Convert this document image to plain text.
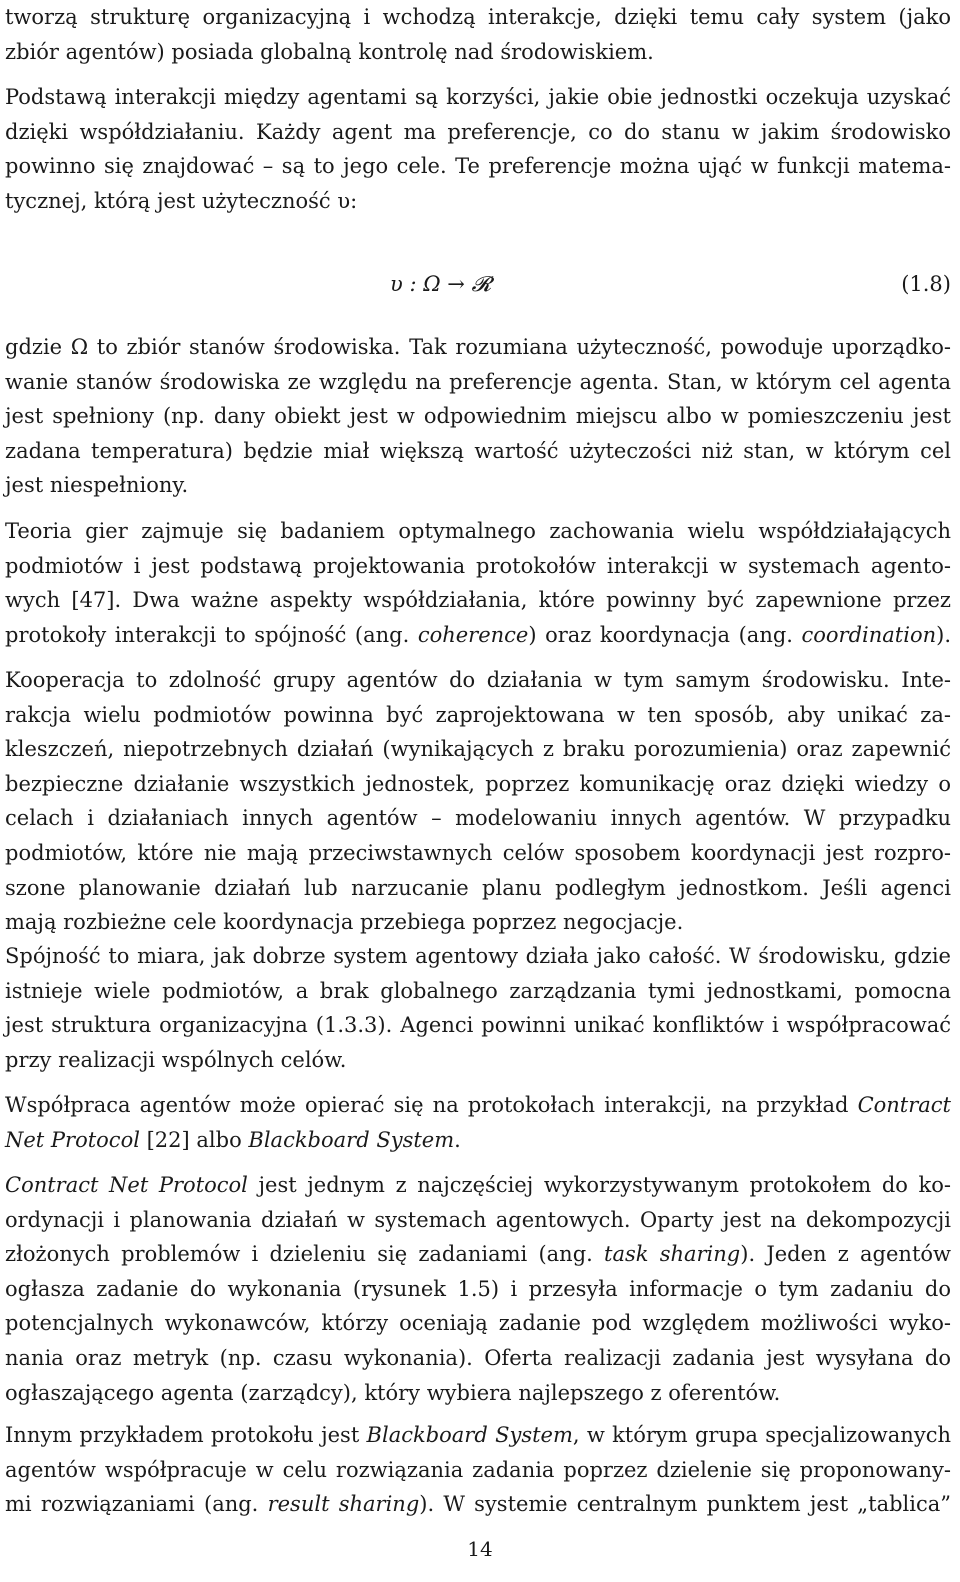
tworzą strukturę organizacyjną i wchodzą interakcje, dzięki temu cały system (jako
zbiór agentów) posiada globalną kontrolę nad środowiskiem.
Podstawą interakcji między agentami są korzyści, jakie obie jednostki oczekuja uzyskać
dzięki współdziałaniu. Każdy agent ma preferencje, co do stanu w jakim środowisko
powinno się znajdować – są to jego cele. Te preferencje można ująć w funkcji matema-
tycznej, którą jest użyteczność υ:
υ : Ω → 𝓡	(1.8)
gdzie Ω to zbiór stanów środowiska. Tak rozumiana użyteczność, powoduje uporządko-
wanie stanów środowiska ze względu na preferencje agenta. Stan, w którym cel agenta
jest spełniony (np. dany obiekt jest w odpowiednim miejscu albo w pomieszczeniu jest
zadana temperatura) będzie miał większą wartość użyteczości niż stan, w którym cel
jest niespełniony.
Teoria gier zajmuje się badaniem optymalnego zachowania wielu współdziałających
podmiotów i jest podstawą projektowania protokołów interakcji w systemach agento-
wych [47]. Dwa ważne aspekty współdziałania, które powinny być zapewnione przez
protokoły interakcji to spójność (ang. coherence) oraz koordynacja (ang. coordination).
Kooperacja to zdolność grupy agentów do działania w tym samym środowisku. Inte-
rakcja wielu podmiotów powinna być zaprojektowana w ten sposób, aby unikać za-
kleszczeń, niepotrzebnych działań (wynikających z braku porozumienia) oraz zapewnić
bezpieczne działanie wszystkich jednostek, poprzez komunikację oraz dzięki wiedzy o
celach i działaniach innych agentów – modelowaniu innych agentów. W przypadku
podmiotów, które nie mają przeciwstawnych celów sposobem koordynacji jest rozpro-
szone planowanie działań lub narzucanie planu podległym jednostkom. Jeśli agenci
mają rozbieżne cele koordynacja przebiega poprzez negocjacje.
Spójność to miara, jak dobrze system agentowy działa jako całość. W środowisku, gdzie
istnieje wiele podmiotów, a brak globalnego zarządzania tymi jednostkami, pomocna
jest struktura organizacyjna (1.3.3). Agenci powinni unikać konfliktów i współpracować
przy realizacji wspólnych celów.
Współpraca agentów może opierać się na protokołach interakcji, na przykład Contract
Net Protocol [22] albo Blackboard System.
Contract Net Protocol jest jednym z najczęściej wykorzystywanym protokołem do ko-
ordynacji i planowania działań w systemach agentowych. Oparty jest na dekompozycji
złożonych problemów i dzieleniu się zadaniami (ang. task sharing). Jeden z agentów
ogłasza zadanie do wykonania (rysunek 1.5) i przesyła informacje o tym zadaniu do
potencjalnych wykonawców, którzy oceniają zadanie pod względem możliwości wyko-
nania oraz metryk (np. czasu wykonania). Oferta realizacji zadania jest wysyłana do
ogłaszającego agenta (zarządcy), który wybiera najlepszego z oferentów.
Innym przykładem protokołu jest Blackboard System, w którym grupa specjalizowanych
agentów współpracuje w celu rozwiązania zadania poprzez dzielenie się proponowany-
mi rozwiązaniami (ang. result sharing). W systemie centralnym punktem jest „tablica”
14
